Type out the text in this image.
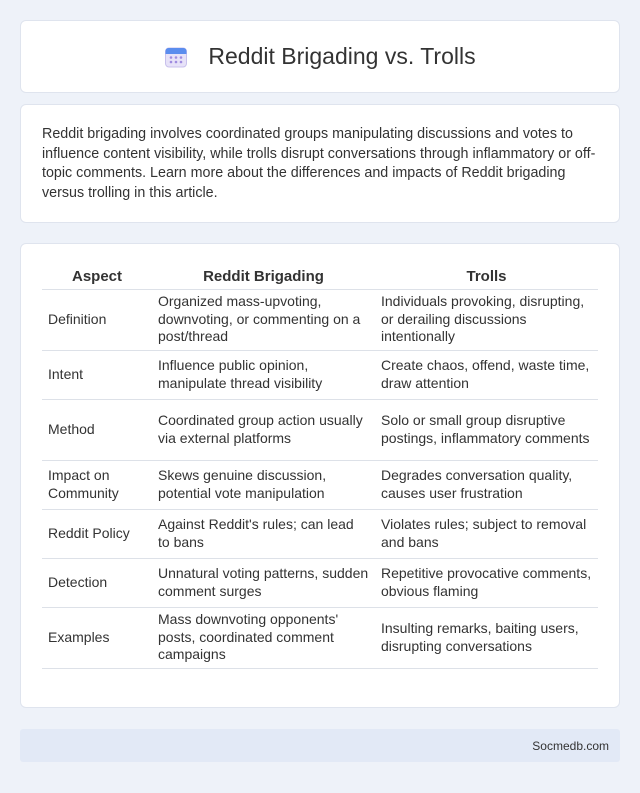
Reddit Brigading vs. Trolls

Reddit brigading involves coordinated groups manipulating discussions and votes to influence content visibility, while trolls disrupt conversations through inflammatory or off-topic comments. Learn more about the differences and impacts of Reddit brigading versus trolling in this article.

Aspect	Reddit Brigading	Trolls
Definition	Organized mass-upvoting, downvoting, or commenting on a post/thread	Individuals provoking, disrupting, or derailing discussions intentionally
Intent	Influence public opinion, manipulate thread visibility	Create chaos, offend, waste time, draw attention
Method	Coordinated group action usually via external platforms	Solo or small group disruptive postings, inflammatory comments
Impact on Community	Skews genuine discussion, potential vote manipulation	Degrades conversation quality, causes user frustration
Reddit Policy	Against Reddit's rules; can lead to bans	Violates rules; subject to removal and bans
Detection	Unnatural voting patterns, sudden comment surges	Repetitive provocative comments, obvious flaming
Examples	Mass downvoting opponents' posts, coordinated comment campaigns	Insulting remarks, baiting users, disrupting conversations
Socmedb.com
